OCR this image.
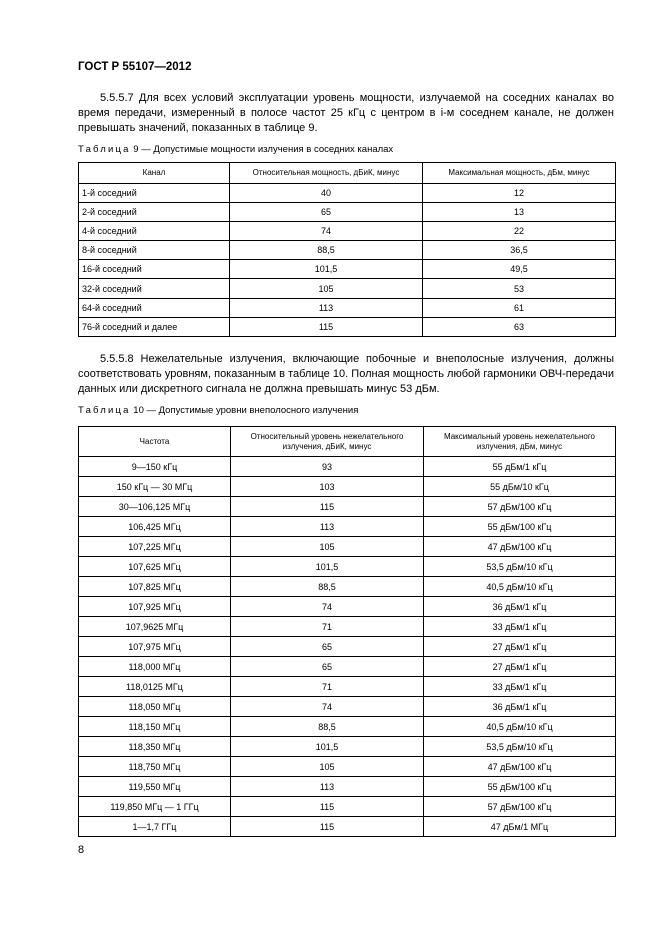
ГОСТ Р 55107—2012

5.5.5.7 Для всех условий эксплуатации уровень мощности, излучаемой на соседних каналах во время передачи, измеренный в полосе частот 25 кГц с центром в i-м соседнем канале, не должен превышать значений, показанных в таблице 9.

Таблица 9 — Допустимые мощности излучения в соседних каналах
Канал	Относительная мощность, дБиК, минус	Максимальная мощность, дБм, минус
1-й соседний	40	12
2-й соседний	65	13
4-й соседний	74	22
8-й соседний	88,5	36,5
16-й соседний	101,5	49,5
32-й соседний	105	53
64-й соседний	113	61
76-й соседний и далее	115	63

5.5.5.8 Нежелательные излучения, включающие побочные и внеполосные излучения, должны соответствовать уровням, показанным в таблице 10. Полная мощность любой гармоники ОВЧ-передачи данных или дискретного сигнала не должна превышать минус 53 дБм.

Таблица 10 — Допустимые уровни внеполосного излучения
Частота	Относительный уровень нежелательного излучения, дБиК, минус	Максимальный уровень нежелательного излучения, дБм, минус
9—150 кГц	93	55 дБм/1 кГц
150 кГц — 30 МГц	103	55 дБм/10 кГц
30—106,125 МГц	115	57 дБм/100 кГц
106,425 МГц	113	55 дБм/100 кГц
107,225 МГц	105	47 дБм/100 кГц
107,625 МГц	101,5	53,5 дБм/10 кГц
107,825 МГц	88,5	40,5 дБм/10 кГц
107,925 МГц	74	36 дБм/1 кГц
107,9625 МГц	71	33 дБм/1 кГц
107,975 МГц	65	27 дБм/1 кГц
118,000 МГц	65	27 дБм/1 кГц
118,0125 МГц	71	33 дБм/1 кГц
118,050 МГц	74	36 дБм/1 кГц
118,150 МГц	88,5	40,5 дБм/10 кГц
118,350 МГц	101,5	53,5 дБм/10 кГц
118,750 МГц	105	47 дБм/100 кГц
119,550 МГц	113	55 дБм/100 кГц
119,850 МГц — 1 ГГц	115	57 дБм/100 кГц
1—1,7 ГГц	115	47 дБм/1 МГц
8
